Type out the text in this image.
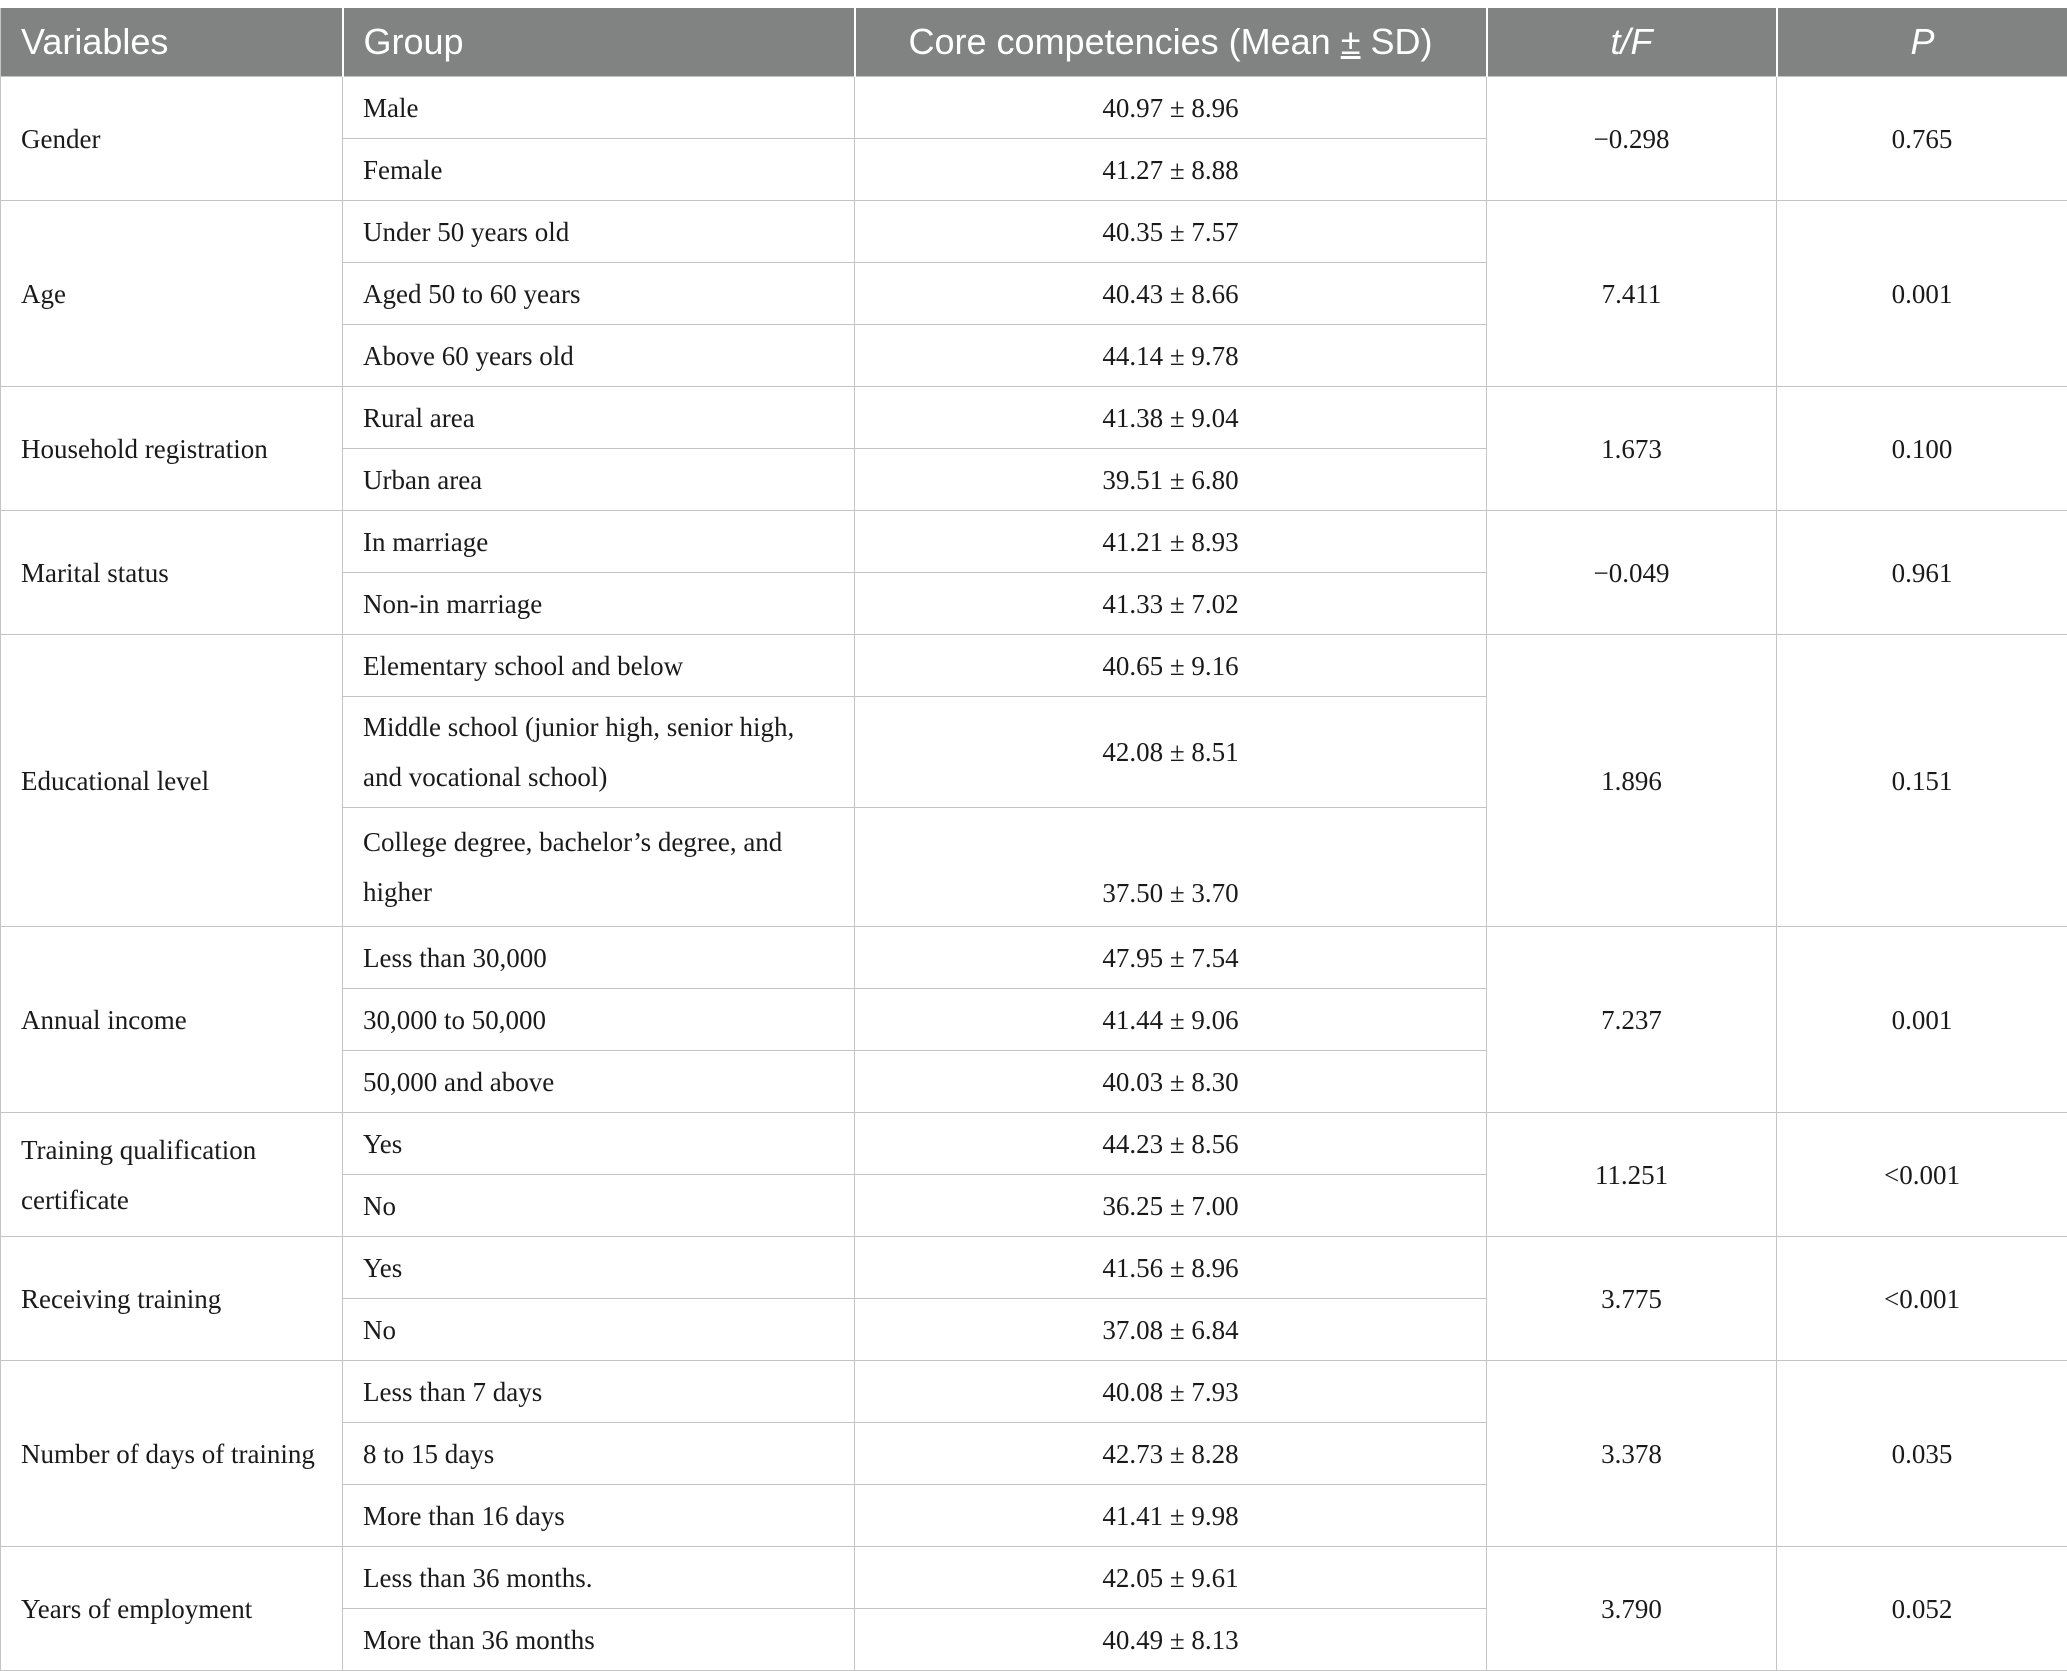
Variables	Group	Core competencies (Mean ± SD)	t/F	P
Gender	Male	40.97 ± 8.96	−0.298	0.765
	Female	41.27 ± 8.88		
Age	Under 50 years old	40.35 ± 7.57	7.411	0.001
	Aged 50 to 60 years	40.43 ± 8.66		
	Above 60 years old	44.14 ± 9.78		
Household registration	Rural area	41.38 ± 9.04	1.673	0.100
	Urban area	39.51 ± 6.80		
Marital status	In marriage	41.21 ± 8.93	−0.049	0.961
	Non-in marriage	41.33 ± 7.02		
Educational level	Elementary school and below	40.65 ± 9.16	1.896	0.151
	Middle school (junior high, senior high, and vocational school)	42.08 ± 8.51		
	College degree, bachelor’s degree, and higher	37.50 ± 3.70		
Annual income	Less than 30,000	47.95 ± 7.54	7.237	0.001
	30,000 to 50,000	41.44 ± 9.06		
	50,000 and above	40.03 ± 8.30		
Training qualification certificate	Yes	44.23 ± 8.56	11.251	<0.001
	No	36.25 ± 7.00		
Receiving training	Yes	41.56 ± 8.96	3.775	<0.001
	No	37.08 ± 6.84		
Number of days of training	Less than 7 days	40.08 ± 7.93	3.378	0.035
	8 to 15 days	42.73 ± 8.28		
	More than 16 days	41.41 ± 9.98		
Years of employment	Less than 36 months.	42.05 ± 9.61	3.790	0.052
	More than 36 months	40.49 ± 8.13		
